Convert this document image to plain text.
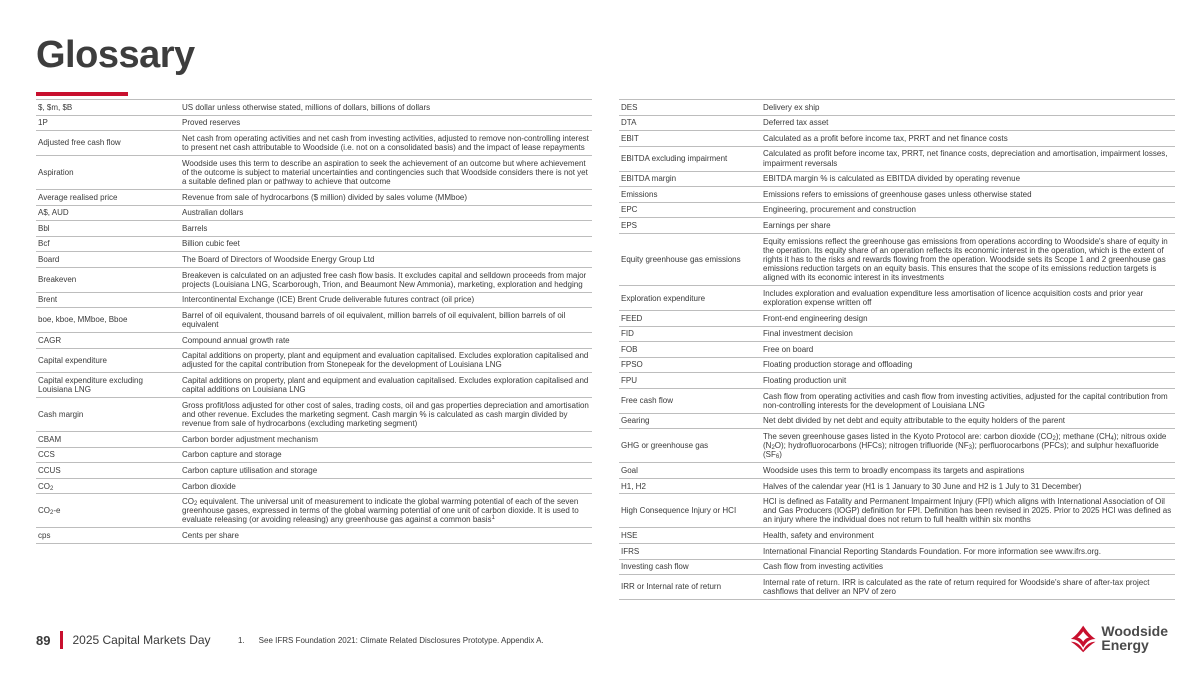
Glossary
$, $m, $B	US dollar unless otherwise stated, millions of dollars, billions of dollars
1P	Proved reserves
Adjusted free cash flow	Net cash from operating activities and net cash from investing activities, adjusted to remove non-controlling interest to present net cash attributable to Woodside (i.e. not on a consolidated basis) and the impact of lease repayments
Aspiration	Woodside uses this term to describe an aspiration to seek the achievement of an outcome but where achievement of the outcome is subject to material uncertainties and contingencies such that Woodside considers there is not yet a suitable defined plan or pathway to achieve that outcome
Average realised price	Revenue from sale of hydrocarbons ($ million) divided by sales volume (MMboe)
A$, AUD	Australian dollars
Bbl	Barrels
Bcf	Billion cubic feet
Board	The Board of Directors of Woodside Energy Group Ltd
Breakeven	Breakeven is calculated on an adjusted free cash flow basis. It excludes capital and selldown proceeds from major projects (Louisiana LNG, Scarborough, Trion, and Beaumont New Ammonia), marketing, exploration and hedging
Brent	Intercontinental Exchange (ICE) Brent Crude deliverable futures contract (oil price)
boe, kboe, MMboe, Bboe	Barrel of oil equivalent, thousand barrels of oil equivalent, million barrels of oil equivalent, billion barrels of oil equivalent
CAGR	Compound annual growth rate
Capital expenditure	Capital additions on property, plant and equipment and evaluation capitalised. Excludes exploration capitalised and adjusted for the capital contribution from Stonepeak for the development of Louisiana LNG
Capital expenditure excluding Louisiana LNG	Capital additions on property, plant and equipment and evaluation capitalised. Excludes exploration capitalised and capital additions on Louisiana LNG
Cash margin	Gross profit/loss adjusted for other cost of sales, trading costs, oil and gas properties depreciation and amortisation and other revenue. Excludes the marketing segment. Cash margin % is calculated as cash margin divided by revenue from sale of hydrocarbons (excluding marketing segment)
CBAM	Carbon border adjustment mechanism
CCS	Carbon capture and storage
CCUS	Carbon capture utilisation and storage
$CO_2$	Carbon dioxide
$CO_2-e$	$CO_2$ equivalent. The universal unit of measurement to indicate the global warming potential of each of the seven greenhouse gases, expressed in terms of the global warming potential of one unit of carbon dioxide. It is used to evaluate releasing (or avoiding releasing) any greenhouse gas against a common basis$^1$
cps	Cents per share
DES	Delivery ex ship
DTA	Deferred tax asset
EBIT	Calculated as a profit before income tax, PRRT and net finance costs
EBITDA excluding impairment	Calculated as profit before income tax, PRRT, net finance costs, depreciation and amortisation, impairment losses, impairment reversals
EBITDA margin	EBITDA margin % is calculated as EBITDA divided by operating revenue
Emissions	Emissions refers to emissions of greenhouse gases unless otherwise stated
EPC	Engineering, procurement and construction
EPS	Earnings per share
Equity greenhouse gas emissions	Equity emissions reflect the greenhouse gas emissions from operations according to Woodside's share of equity in the operation. Its equity share of an operation reflects its economic interest in the operation, which is the extent of rights it has to the risks and rewards flowing from the operation. Woodside sets its Scope 1 and 2 greenhouse gas emissions reduction targets on an equity basis. This ensures that the scope of its emissions reduction targets is aligned with its economic interest in its investments
Exploration expenditure	Includes exploration and evaluation expenditure less amortisation of licence acquisition costs and prior year exploration expense written off
FEED	Front-end engineering design
FID	Final investment decision
FOB	Free on board
FPSO	Floating production storage and offloading
FPU	Floating production unit
Free cash flow	Cash flow from operating activities and cash flow from investing activities, adjusted for the capital contribution from non-controlling interests for the development of Louisiana LNG
Gearing	Net debt divided by net debt and equity attributable to the equity holders of the parent
GHG or greenhouse gas	The seven greenhouse gases listed in the Kyoto Protocol are: carbon dioxide $(CO_2)$; methane $(CH_4)$; nitrous oxide $(N_2O)$; hydrofluorocarbons (HFCs); nitrogen trifluoride $(NF_3)$; perfluorocarbons (PFCs); and sulphur hexafluoride $(SF_6)$
Goal	Woodside uses this term to broadly encompass its targets and aspirations
H1, H2	Halves of the calendar year (H1 is 1 January to 30 June and H2 is 1 July to 31 December)
High Consequence Injury or HCI	HCI is defined as Fatality and Permanent Impairment Injury (FPI) which aligns with International Association of Oil and Gas Producers (IOGP) definition for FPI. Definition has been revised in 2025. Prior to 2025 HCI was defined as an injury where the individual does not return to full health within six months
HSE	Health, safety and environment
IFRS	International Financial Reporting Standards Foundation. For more information see www.ifrs.org.
Investing cash flow	Cash flow from investing activities
IRR or Internal rate of return	Internal rate of return. IRR is calculated as the rate of return required for Woodside's share of after-tax project cashflows that deliver an NPV of zero
89 2025 Capital Markets Day	1. See IFRS Foundation 2021: Climate Related Disclosures Prototype. Appendix A.
Woodside
Energy
